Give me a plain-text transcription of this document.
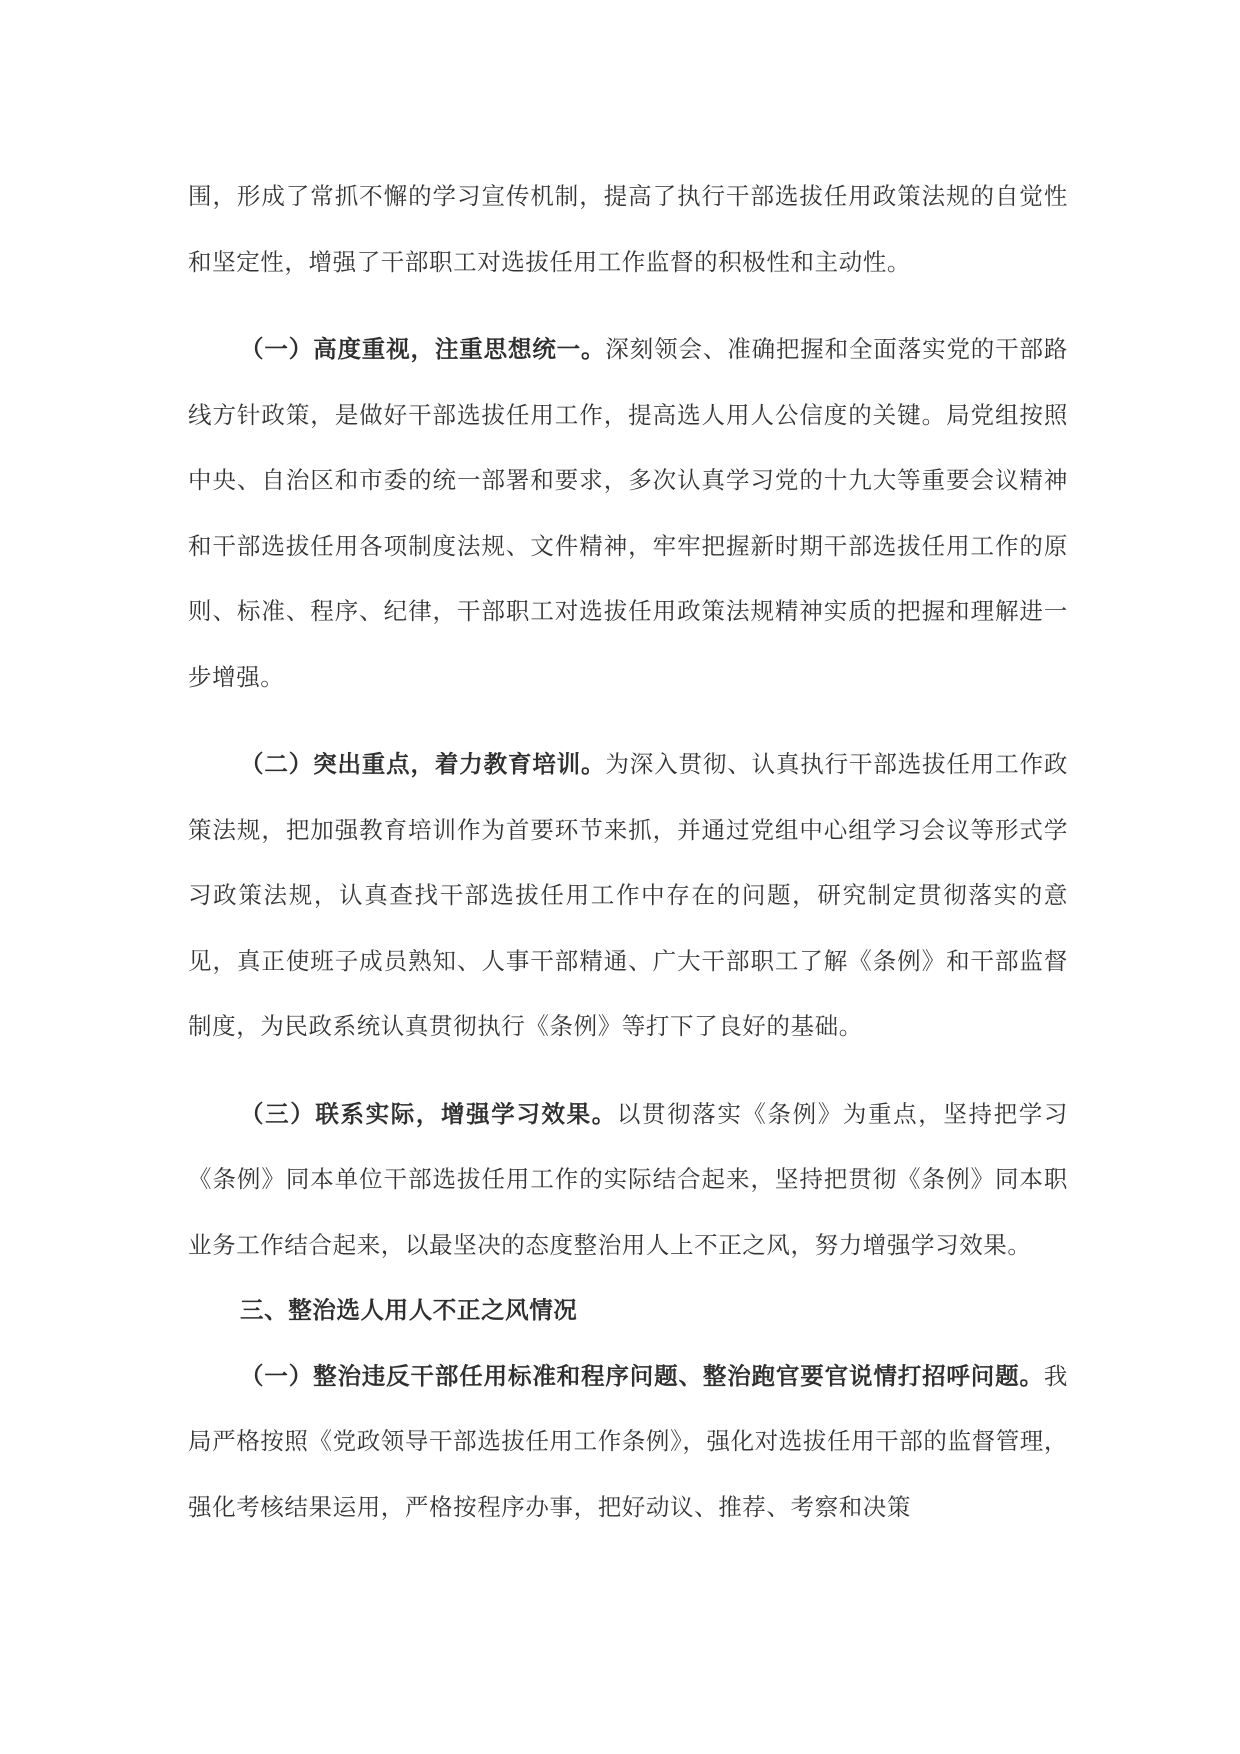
围，形成了常抓不懈的学习宣传机制，提高了执行干部选拔任用政策法规的自觉性和坚定性，增强了干部职工对选拔任用工作监督的积极性和主动性。

（一）高度重视，注重思想统一。深刻领会、准确把握和全面落实党的干部路线方针政策，是做好干部选拔任用工作，提高选人用人公信度的关键。局党组按照中央、自治区和市委的统一部署和要求，多次认真学习党的十九大等重要会议精神和干部选拔任用各项制度法规、文件精神，牢牢把握新时期干部选拔任用工作的原则、标准、程序、纪律，干部职工对选拔任用政策法规精神实质的把握和理解进一步增强。

（二）突出重点，着力教育培训。为深入贯彻、认真执行干部选拔任用工作政策法规，把加强教育培训作为首要环节来抓，并通过党组中心组学习会议等形式学习政策法规，认真查找干部选拔任用工作中存在的问题，研究制定贯彻落实的意见，真正使班子成员熟知、人事干部精通、广大干部职工了解《条例》和干部监督制度，为民政系统认真贯彻执行《条例》等打下了良好的基础。

（三）联系实际，增强学习效果。以贯彻落实《条例》为重点，坚持把学习《条例》同本单位干部选拔任用工作的实际结合起来，坚持把贯彻《条例》同本职业务工作结合起来，以最坚决的态度整治用人上不正之风，努力增强学习效果。

三、整治选人用人不正之风情况

（一）整治违反干部任用标准和程序问题、整治跑官要官说情打招呼问题。我局严格按照《党政领导干部选拔任用工作条例》，强化对选拔任用干部的监督管理，强化考核结果运用，严格按程序办事，把好动议、推荐、考察和决策
